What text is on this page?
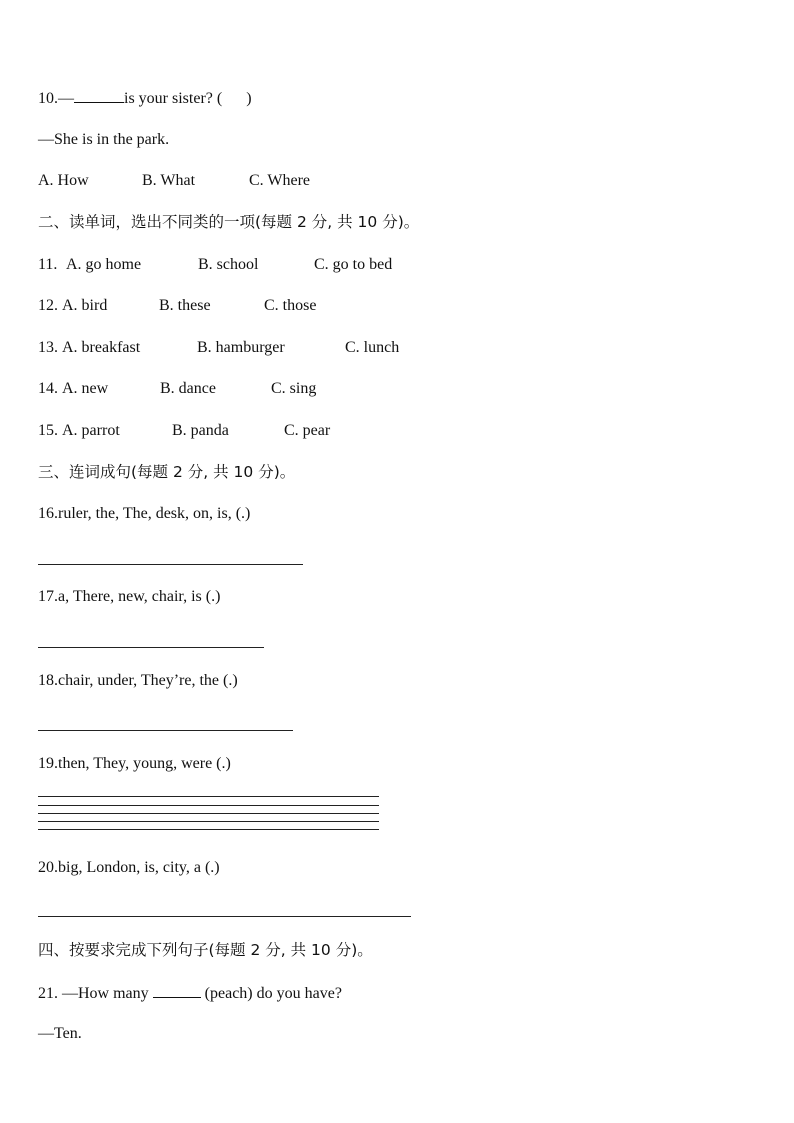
10.—	is your sister? ( )
—She is in the park.
A. How	B. What	C. Where
二、读单词，选出不同类的一项(每题 2 分, 共 10 分)。
11. A. go home	B. school	C. go to bed
12. A. bird	B. these	C. those
13. A. breakfast	B. hamburger	C. lunch
14. A. new	B. dance	C. sing
15. A. parrot	B. panda	C. pear
三、连词成句(每题 2 分, 共 10 分)。
16.ruler, the, The, desk, on, is, (.)
17.a, There, new, chair, is (.)
18.chair, under, They’re, the (.)
19.then, They, young, were (.)
20.big, London, is, city, a (.)
四、按要求完成下列句子(每题 2 分, 共 10 分)。
21. —How many	(peach) do you have?
—Ten.
